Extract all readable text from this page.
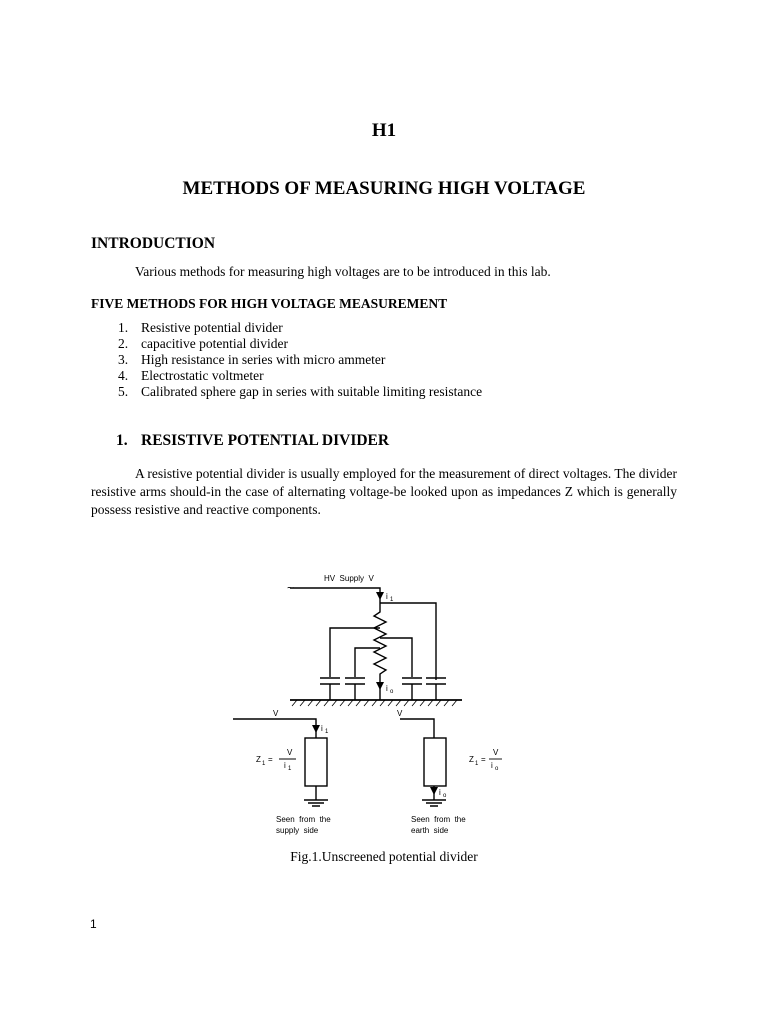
H1
METHODS OF MEASURING HIGH VOLTAGE
INTRODUCTION
Various methods for measuring high voltages are to be introduced in this lab.
FIVE METHODS FOR HIGH VOLTAGE MEASUREMENT
1. Resistive potential divider
2. capacitive potential divider
3. High resistance in series with micro ammeter
4. Electrostatic voltmeter
5. Calibrated sphere gap in series with suitable limiting resistance
1. RESISTIVE POTENTIAL DIVIDER
A resistive potential divider is usually employed for the measurement of direct voltages. The divider resistive arms should-in the case of alternating voltage-be looked upon as impedances Z which is generally possess resistive and reactive components.
~
HV  Supply  V
i 1
i o
V	V
i 1
i o
Z 1 =
V
i 1
Z 1 =
V
i o
Seen  from  the
supply  side
Seen  from  the
earth  side
Fig.1.Unscreened potential divider
1
